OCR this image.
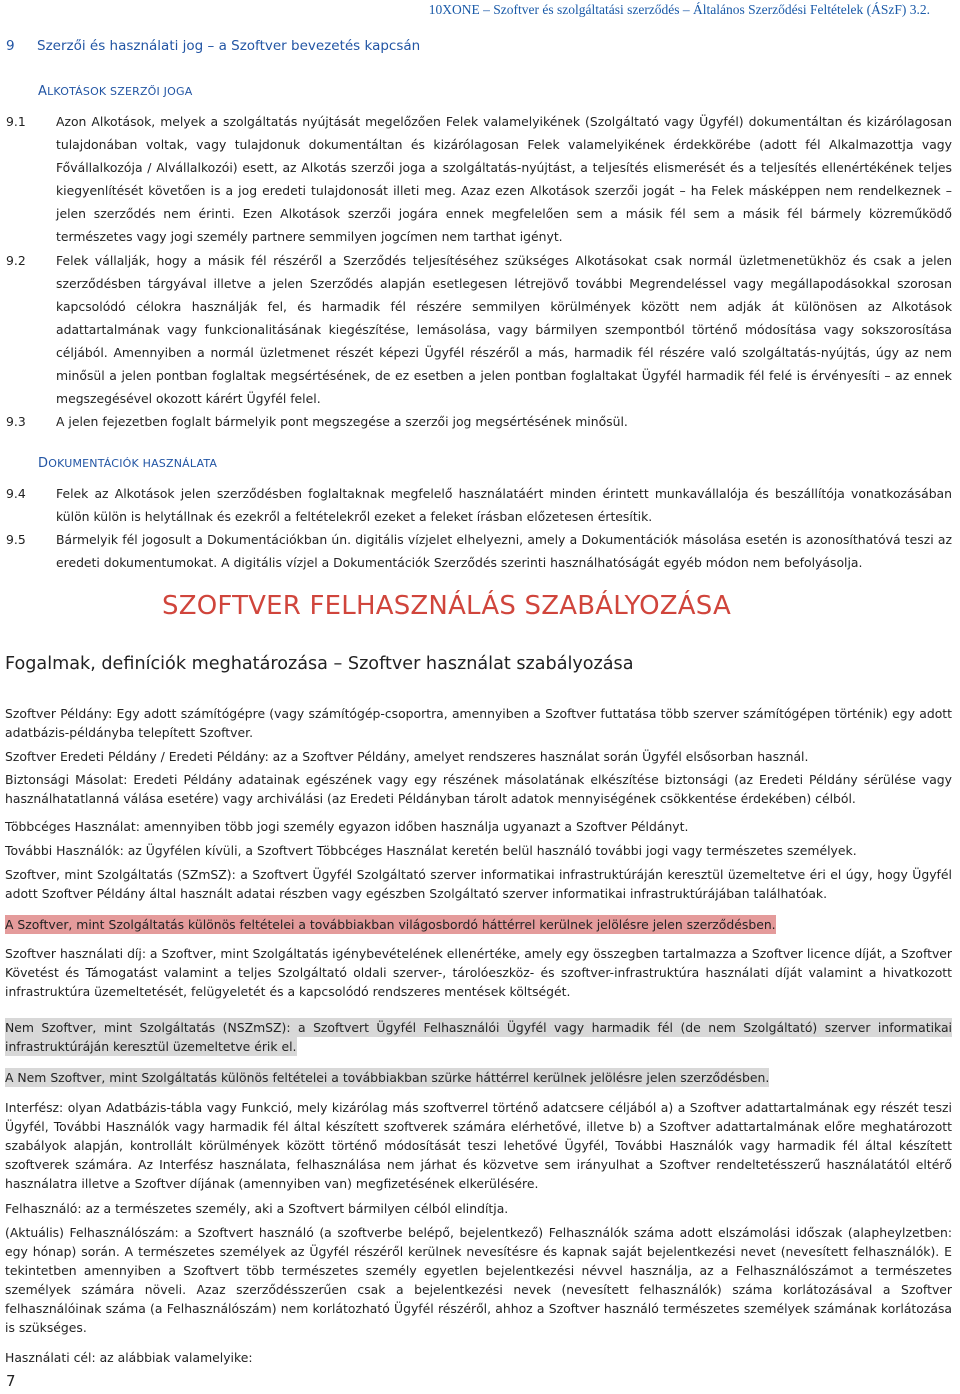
10XONE – Szoftver és szolgáltatási szerződés – Általános Szerződési Feltételek (ÁSzF) 3.2.
9 Szerzői és használati jog – a Szoftver bevezetés kapcsán
ALKOTÁSOK SZERZŐI JOGA
9.1	Azon Alkotások, melyek a szolgáltatás nyújtását megelőzően Felek valamelyikének (Szolgáltató vagy Ügyfél) dokumentáltan és kizárólagosan tulajdonában voltak, vagy tulajdonuk dokumentáltan és kizárólagosan Felek valamelyikének érdekkörébe (adott fél Alkalmazottja vagy Fővállalkozója / Alvállalkozói) esett, az Alkotás szerzői joga a szolgáltatás-nyújtást, a teljesítés elismerését és a teljesítés ellenértékének teljes kiegyenlítését követően is a jog eredeti tulajdonosát illeti meg. Azaz ezen Alkotások szerzői jogát – ha Felek másképpen nem rendelkeznek – jelen szerződés nem érinti. Ezen Alkotások szerzői jogára ennek megfelelően sem a másik fél sem a másik fél bármely közreműködő természetes vagy jogi személy partnere semmilyen jogcímen nem tarthat igényt.
9.2	Felek vállalják, hogy a másik fél részéről a Szerződés teljesítéséhez szükséges Alkotásokat csak normál üzletmenetükhöz és csak a jelen szerződésben tárgyával illetve a jelen Szerződés alapján esetlegesen létrejövő további Megrendeléssel vagy megállapodásokkal szorosan kapcsolódó célokra használják fel, és harmadik fél részére semmilyen körülmények között nem adják át különösen az Alkotások adattartalmának vagy funkcionalitásának kiegészítése, lemásolása, vagy bármilyen szempontból történő módosítása vagy sokszorosítása céljából. Amennyiben a normál üzletmenet részét képezi Ügyfél részéről a más, harmadik fél részére való szolgáltatás-nyújtás, úgy az nem minősül a jelen pontban foglaltak megsértésének, de ez esetben a jelen pontban foglaltakat Ügyfél harmadik fél felé is érvényesíti – az ennek megszegésével okozott kárért Ügyfél felel.
9.3	A jelen fejezetben foglalt bármelyik pont megszegése a szerzői jog megsértésének minősül.
DOKUMENTÁCIÓK HASZNÁLATA
9.4	Felek az Alkotások jelen szerződésben foglaltaknak megfelelő használatáért minden érintett munkavállalója és beszállítója vonatkozásában külön külön is helytállnak és ezekről a feltételekről ezeket a feleket írásban előzetesen értesítik.
9.5	Bármelyik fél jogosult a Dokumentációkban ún. digitális vízjelet elhelyezni, amely a Dokumentációk másolása esetén is azonosíthatóvá teszi az eredeti dokumentumokat. A digitális vízjel a Dokumentációk Szerződés szerinti használhatóságát egyéb módon nem befolyásolja.
SZOFTVER FELHASZNÁLÁS SZABÁLYOZÁSA
Fogalmak, definíciók meghatározása – Szoftver használat szabályozása
Szoftver Példány: Egy adott számítógépre (vagy számítógép-csoportra, amennyiben a Szoftver futtatása több szerver számítógépen történik) egy adott adatbázis-példányba telepített Szoftver.
Szoftver Eredeti Példány / Eredeti Példány: az a Szoftver Példány, amelyet rendszeres használat során Ügyfél elsősorban használ.
Biztonsági Másolat: Eredeti Példány adatainak egészének vagy egy részének másolatának elkészítése biztonsági (az Eredeti Példány sérülése vagy használhatatlanná válása esetére) vagy archiválási (az Eredeti Példányban tárolt adatok mennyiségének csökkentése érdekében) célból.
Többcéges Használat: amennyiben több jogi személy egyazon időben használja ugyanazt a Szoftver Példányt.
További Használók: az Ügyfélen kívüli, a Szoftvert Többcéges Használat keretén belül használó további jogi vagy természetes személyek.
Szoftver, mint Szolgáltatás (SZmSZ): a Szoftvert Ügyfél Szolgáltató szerver informatikai infrastruktúráján keresztül üzemeltetve éri el úgy, hogy Ügyfél adott Szoftver Példány által használt adatai részben vagy egészben Szolgáltató szerver informatikai infrastruktúrájában találhatóak.
A Szoftver, mint Szolgáltatás különös feltételei a továbbiakban világosbordó háttérrel kerülnek jelölésre jelen szerződésben.
Szoftver használati díj: a Szoftver, mint Szolgáltatás igénybevételének ellenértéke, amely egy összegben tartalmazza a Szoftver licence díját, a Szoftver Követést és Támogatást valamint a teljes Szolgáltató oldali szerver-, tárolóeszköz- és szoftver-infrastruktúra használati díját valamint a hivatkozott infrastruktúra üzemeltetését, felügyeletét és a kapcsolódó rendszeres mentések költségét.
Nem Szoftver, mint Szolgáltatás (NSZmSZ): a Szoftvert Ügyfél Felhasználói Ügyfél vagy harmadik fél (de nem Szolgáltató) szerver informatikai infrastruktúráján keresztül üzemeltetve érik el.
A Nem Szoftver, mint Szolgáltatás különös feltételei a továbbiakban szürke háttérrel kerülnek jelölésre jelen szerződésben.
Interfész: olyan Adatbázis-tábla vagy Funkció, mely kizárólag más szoftverrel történő adatcsere céljából a) a Szoftver adattartalmának egy részét teszi Ügyfél, További Használók vagy harmadik fél által készített szoftverek számára elérhetővé, illetve b) a Szoftver adattartalmának előre meghatározott szabályok alapján, kontrollált körülmények között történő módosítását teszi lehetővé Ügyfél, További Használók vagy harmadik fél által készített szoftverek számára. Az Interfész használata, felhasználása nem járhat és közvetve sem irányulhat a Szoftver rendeltetésszerű használatától eltérő használatra illetve a Szoftver díjának (amennyiben van) megfizetésének elkerülésére.
Felhasználó: az a természetes személy, aki a Szoftvert bármilyen célból elindítja.
(Aktuális) Felhasználószám: a Szoftvert használó (a szoftverbe belépő, bejelentkező) Felhasználók száma adott elszámolási időszak (alapheylzetben: egy hónap) során. A természetes személyek az Ügyfél részéről kerülnek nevesítésre és kapnak saját bejelentkezési nevet (nevesített felhasználók). E tekintetben amennyiben a Szoftvert több természetes személy egyetlen bejelentkezési névvel használja, az a Felhasználószámot a természetes személyek számára növeli. Azaz szerződésszerűen csak a bejelentkezési nevek (nevesített felhasználók) száma korlátozásával a Szoftver felhasználóinak száma (a Felhasználószám) nem korlátozható Ügyfél részéről, ahhoz a Szoftver használó természetes személyek számának korlátozása is szükséges.
Használati cél: az alábbiak valamelyike:
7
